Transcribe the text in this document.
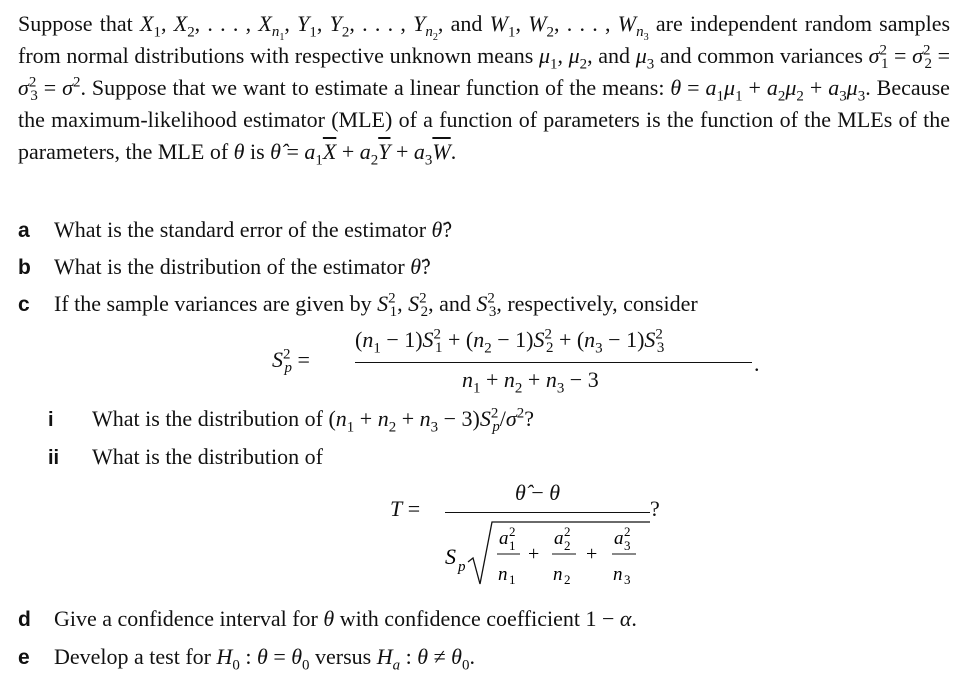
Suppose that $X_1$, $X_2$, . . . , $X_{n_1}$, $Y_1$, $Y_2$, . . . , $Y_{n_2}$, and $W_1$, $W_2$, . . . , $W_{n_3}$ are independent random samples from normal distributions with respective unknown means $\mu_1$, $\mu_2$, and $\mu_3$ and common variances $\sigma^2_1 = \sigma^2_2 = \sigma^2_3 = \sigma^2$. Suppose that we want to estimate a linear function of the means: $\theta = a_1\mu_1 + a_2\mu_2 + a_3\mu_3$. Because the maximum-likelihood estimator (MLE) of a function of parameters is the function of the MLEs of the parameters, the MLE of θ is θ̂ = $a_1\overline{X} + a_2\overline{Y} + a_3\overline{W}$.
a What is the standard error of the estimator θ̂?
b What is the distribution of the estimator θ̂?
c If the sample variances are given by $S^2_1$, $S^2_2$, and $S^2_3$, respectively, consider
$S^2_p$ =
$(n_1 - 1)S^2_1 + (n_2 - 1)S^2_2 + (n_3 - 1)S^2_3$
$n_1 + n_2 + n_3 - 3$
.
i What is the distribution of $(n_1 + n_2 + n_3 - 3)S^2_p/\sigma^2$?
ii What is the distribution of
T =
θ̂ − θ
?
S p
a 2
1
n 1
+
a 2
2
n 2
+
a 2
3
n 3
d Give a confidence interval for θ with confidence coefficient 1 − α.
e Develop a test for $H_0$ : $\theta = \theta_0$ versus $H_a$ : $\theta \ne \theta_0$.
